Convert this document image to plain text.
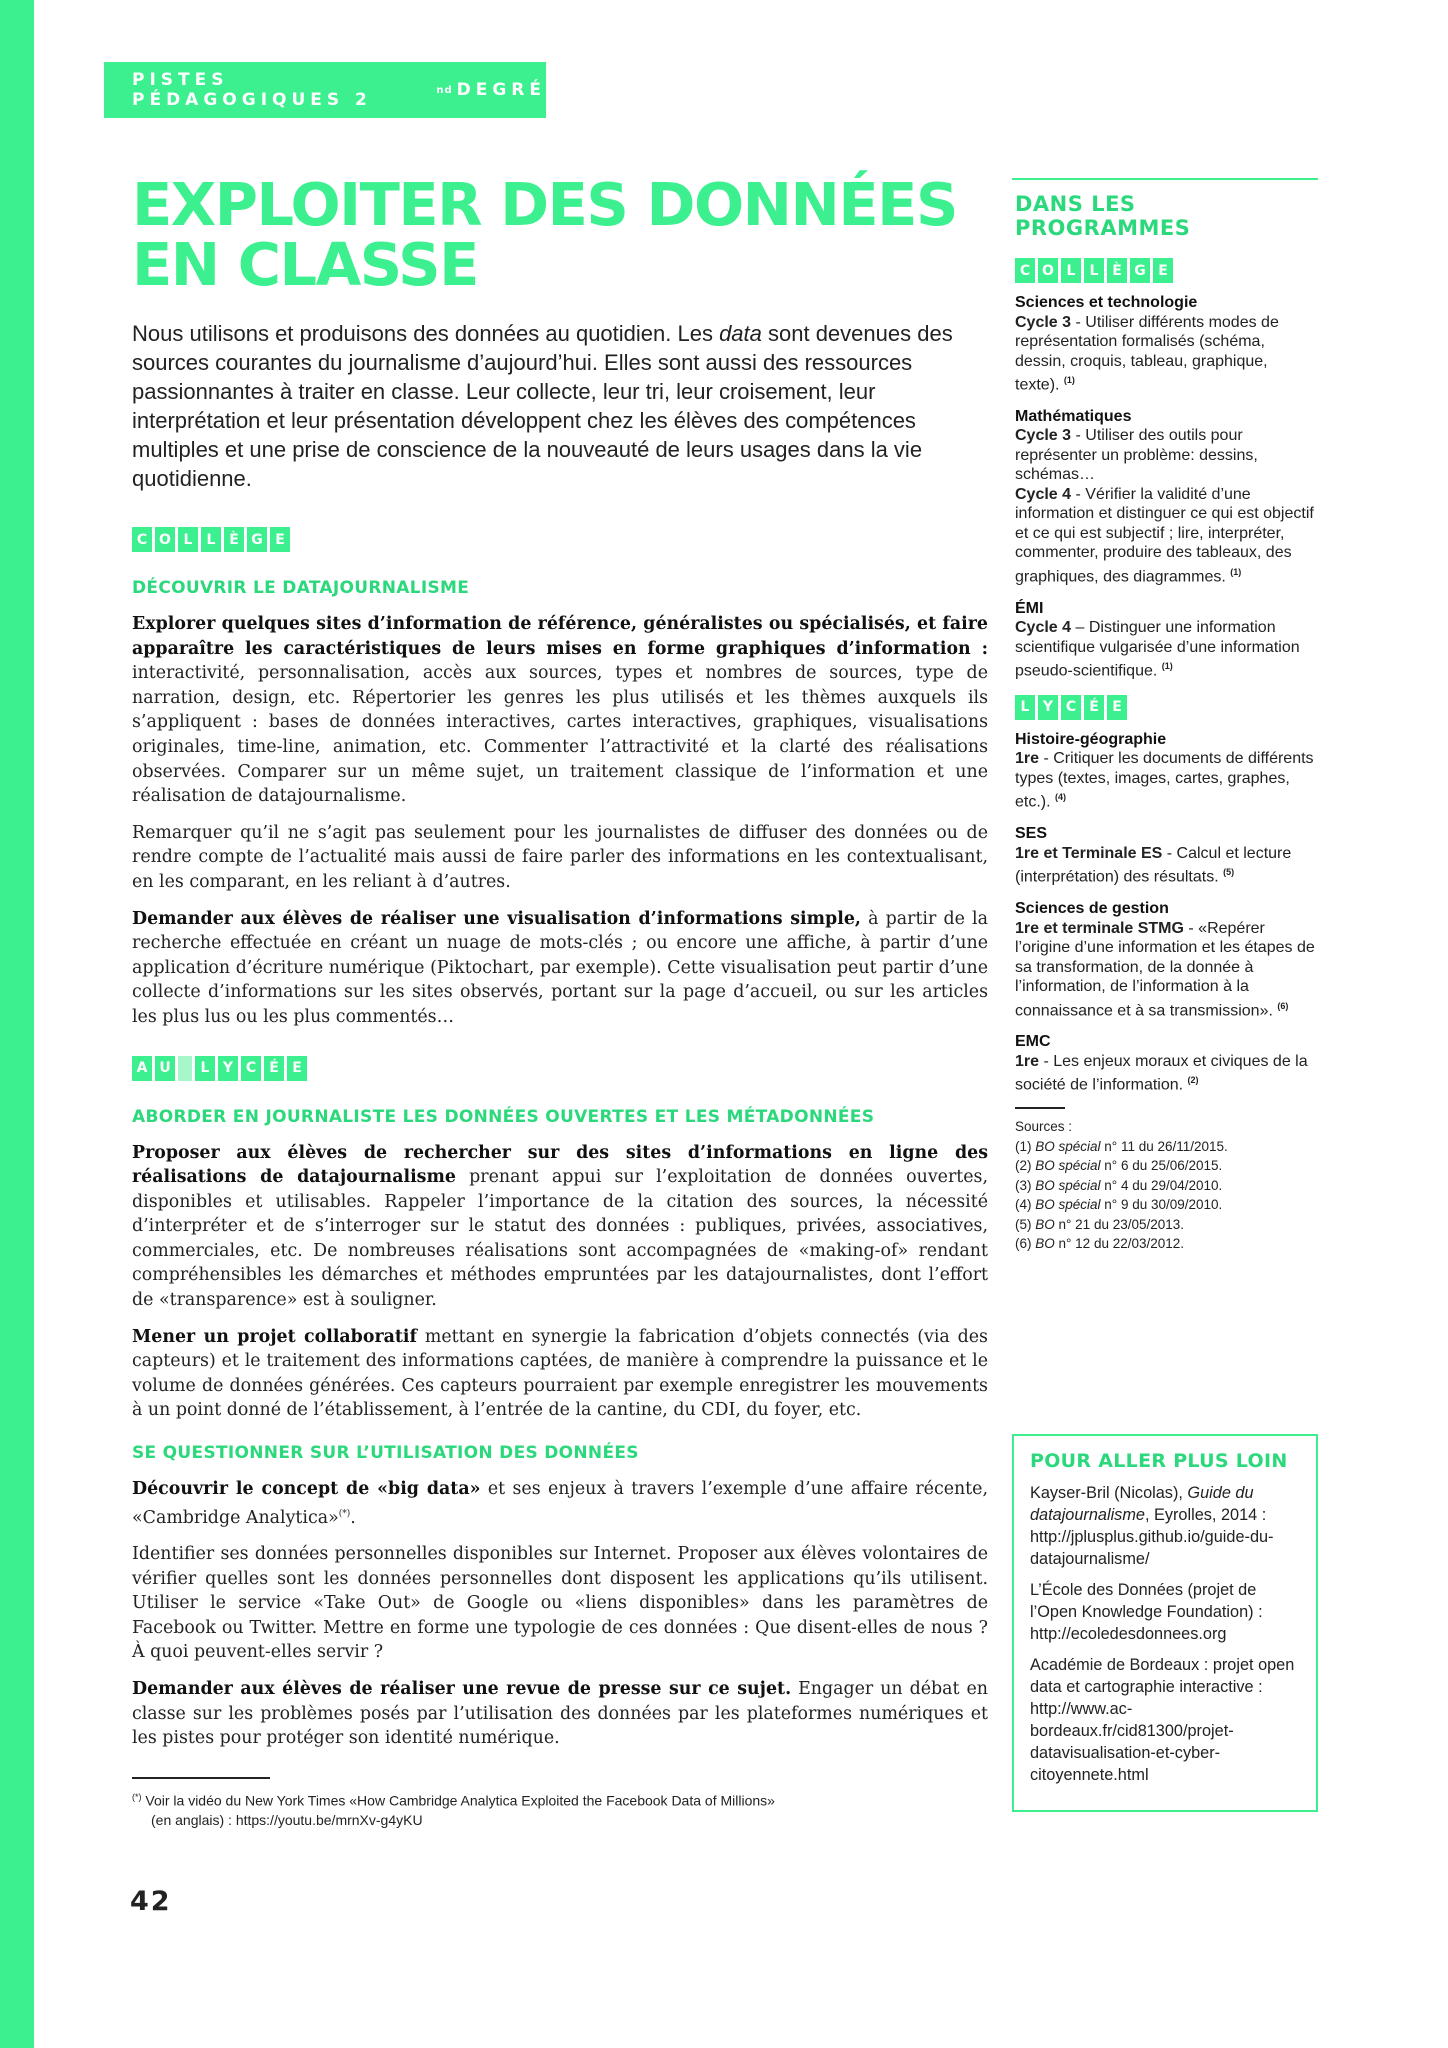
PISTES PÉDAGOGIQUES 2	nd DEGRÉ
EXPLOITER DES DONNÉES
EN CLASSE

Nous utilisons et produisons des données au quotidien. Les data sont devenues des sources courantes du journalisme d’aujourd’hui. Elles sont aussi des ressources passionnantes à traiter en classe. Leur collecte, leur tri, leur croisement, leur interprétation et leur présentation développent chez les élèves des compétences multiples et une prise de conscience de la nouveauté de leurs usages dans la vie quotidienne.

C O L	L È G E
DÉCOUVRIR LE DATAJOURNALISME

Explorer quelques sites d’information de référence, généralistes ou spécialisés, et faire apparaître les caractéristiques de leurs mises en forme graphiques d’information : interactivité, personnalisation, accès aux sources, types et nombres de sources, type de narration, design, etc. Répertorier les genres les plus utilisés et les thèmes auxquels ils s’appliquent : bases de données interactives, cartes interactives, graphiques, visualisations originales, time-line, animation, etc. Commenter l’attractivité et la clarté des réalisations observées. Comparer sur un même sujet, un traitement classique de l’information et une réalisation de datajournalisme.

Remarquer qu’il ne s’agit pas seulement pour les journalistes de diffuser des données ou de rendre compte de l’actualité mais aussi de faire parler des informations en les contextualisant, en les comparant, en les reliant à d’autres.

Demander aux élèves de réaliser une visualisation d’informations simple, à partir de la recherche effectuée en créant un nuage de mots-clés ; ou encore une affiche, à partir d’une application d’écriture numérique (Piktochart, par exemple). Cette visualisation peut partir d’une collecte d’informations sur les sites observés, portant sur la page d’accueil, ou sur les articles les plus lus ou les plus commentés…

A U	L Y C É E
ABORDER EN JOURNALISTE LES DONNÉES OUVERTES ET LES MÉTADONNÉES

Proposer aux élèves de rechercher sur des sites d’informations en ligne des réalisations de datajournalisme prenant appui sur l’exploitation de données ouvertes, disponibles et utilisables. Rappeler l’importance de la citation des sources, la nécessité d’interpréter et de s’interroger sur le statut des données : publiques, privées, associatives, commerciales, etc. De nombreuses réalisations sont accompagnées de «making-of» rendant compréhensibles les démarches et méthodes empruntées par les datajournalistes, dont l’effort de «transparence» est à souligner.

Mener un projet collaboratif mettant en synergie la fabrication d’objets connectés (via des capteurs) et le traitement des informations captées, de manière à comprendre la puissance et le volume de données générées. Ces capteurs pourraient par exemple enregistrer les mouvements à un point donné de l’établissement, à l’entrée de la cantine, du CDI, du foyer, etc.

SE QUESTIONNER SUR L’UTILISATION DES DONNÉES

Découvrir le concept de «big data» et ses enjeux à travers l’exemple d’une affaire récente, «Cambridge Analytica»(*).

Identifier ses données personnelles disponibles sur Internet. Proposer aux élèves volontaires de vérifier quelles sont les données personnelles dont disposent les applications qu’ils utilisent. Utiliser le service «Take Out» de Google ou «liens disponibles» dans les paramètres de Facebook ou Twitter. Mettre en forme une typologie de ces données : Que disent-elles de nous ?À quoi peuvent-elles servir ?

Demander aux élèves de réaliser une revue de presse sur ce sujet. Engager un débat en classe sur les problèmes posés par l’utilisation des données par les plateformes numériques et les pistes pour protéger son identité numérique.

(*) Voir la vidéo du New York Times «How Cambridge Analytica Exploited the Facebook Data of Millions»
(en anglais) : https://youtu.be/mrnXv-g4yKU
42
DANS LES PROGRAMMES
C O L	L È G E
Sciences et technologie
Cycle 3 - Utiliser différents modes de représentation formalisés (schéma, dessin, croquis, tableau, graphique, texte). $^{(1)}$
Mathématiques
Cycle 3 - Utiliser des outils pour représenter un problème: dessins, schémas…
Cycle 4 - Vérifier la validité d’une information et distinguer ce qui est objectif et ce qui est subjectif ; lire, interpréter, commenter, produire des tableaux, des graphiques, des diagrammes. $^{(1)}$
ÉMI
Cycle 4 – Distinguer une information scientifique vulgarisée d’une information pseudo-scientifique. $^{(1)}$
L Y C É E
Histoire-géographie
1re - Critiquer les documents de différents types (textes, images, cartes, graphes, etc.). $^{(4)}$
SES
1re et Terminale ES - Calcul et lecture (interprétation) des résultats. $^{(5)}$
Sciences de gestion
1re et terminale STMG - «Repérer l’origine d’une information et les étapes de sa transformation, de la donnée à l’information, de l’information à la connaissance et à sa transmission». $^{(6)}$
EMC
1re - Les enjeux moraux et civiques de la société de l’information. $^{(2)}$
Sources :
(1) BO spécial n° 11 du 26/11/2015.
(2) BO spécial n° 6 du 25/06/2015.
(3) BO spécial n° 4 du 29/04/2010.
(4) BO spécial n° 9 du 30/09/2010.
(5) BO n° 21 du 23/05/2013.
(6) BO n° 12 du 22/03/2012.
POUR ALLER PLUS LOIN
Kayser-Bril (Nicolas), Guide du datajournalisme, Eyrolles, 2014 : http://jplusplus.github.io/guide-du-datajournalisme/
L’École des Données (projet de l’Open Knowledge Foundation) : http://ecoledesdonnees.org
Académie de Bordeaux : projet open data et cartographie interactive : http://www.ac-bordeaux.fr/cid81300/projet-datavisualisation-et-cyber-citoyennete.html
